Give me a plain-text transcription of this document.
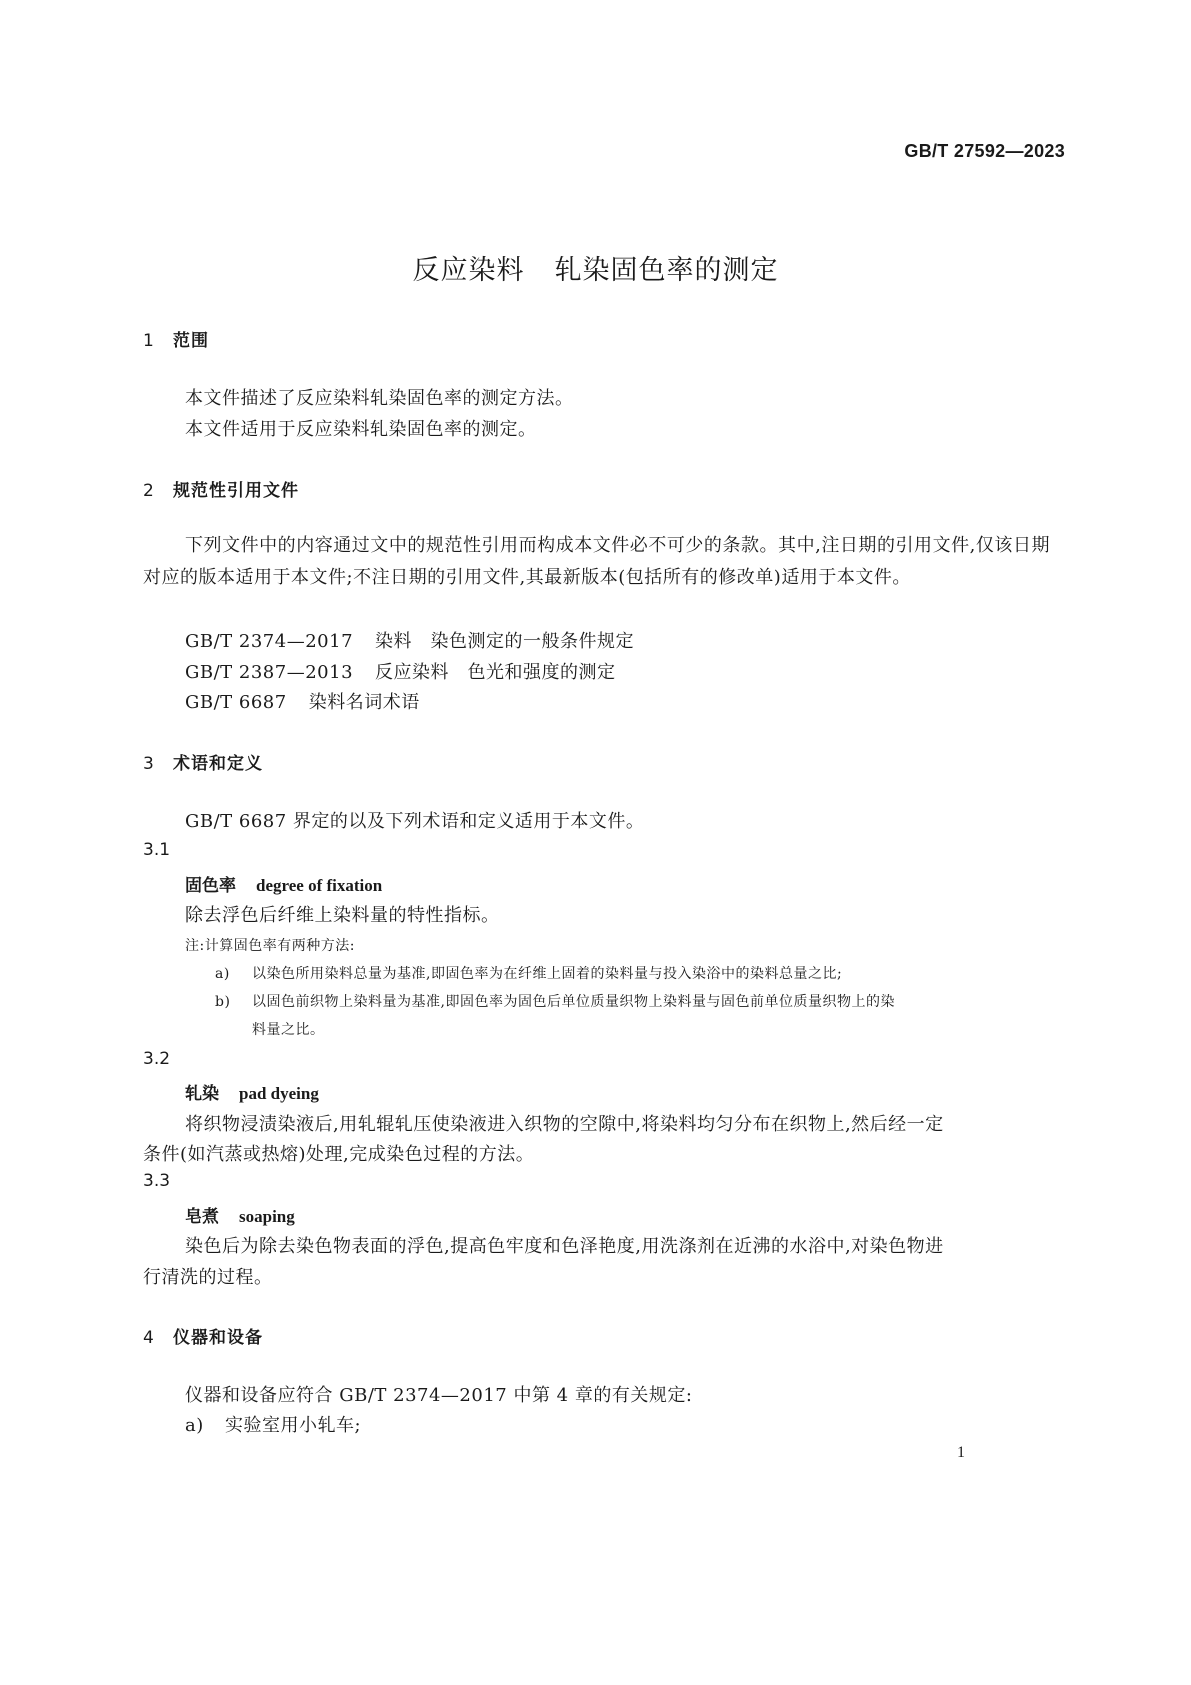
GB/T 27592—2023
反应染料 轧染固色率的测定
1 范围
本文件描述了反应染料轧染固色率的测定方法。
本文件适用于反应染料轧染固色率的测定。
2 规范性引用文件
下列文件中的内容通过文中的规范性引用而构成本文件必不可少的条款。其中,注日期的引用文件,仅该日期对应的版本适用于本文件;不注日期的引用文件,其最新版本(包括所有的修改单)适用于本文件。
GB/T 2374—2017 染料　染色测定的一般条件规定
GB/T 2387—2013 反应染料　色光和强度的测定
GB/T 6687 染料名词术语
3 术语和定义
GB/T 6687 界定的以及下列术语和定义适用于本文件。
3.1
固色率 degree of fixation
除去浮色后纤维上染料量的特性指标。
注:计算固色率有两种方法:
a) 以染色所用染料总量为基准,即固色率为在纤维上固着的染料量与投入染浴中的染料总量之比;
b) 以固色前织物上染料量为基准,即固色率为固色后单位质量织物上染料量与固色前单位质量织物上的染
料量之比。
3.2
轧染 pad dyeing
将织物浸渍染液后,用轧辊轧压使染液进入织物的空隙中,将染料均匀分布在织物上,然后经一定
条件(如汽蒸或热熔)处理,完成染色过程的方法。
3.3
皂煮 soaping
染色后为除去染色物表面的浮色,提高色牢度和色泽艳度,用洗涤剂在近沸的水浴中,对染色物进
行清洗的过程。
4 仪器和设备
仪器和设备应符合 GB/T 2374—2017 中第 4 章的有关规定:
a) 实验室用小轧车;
1
